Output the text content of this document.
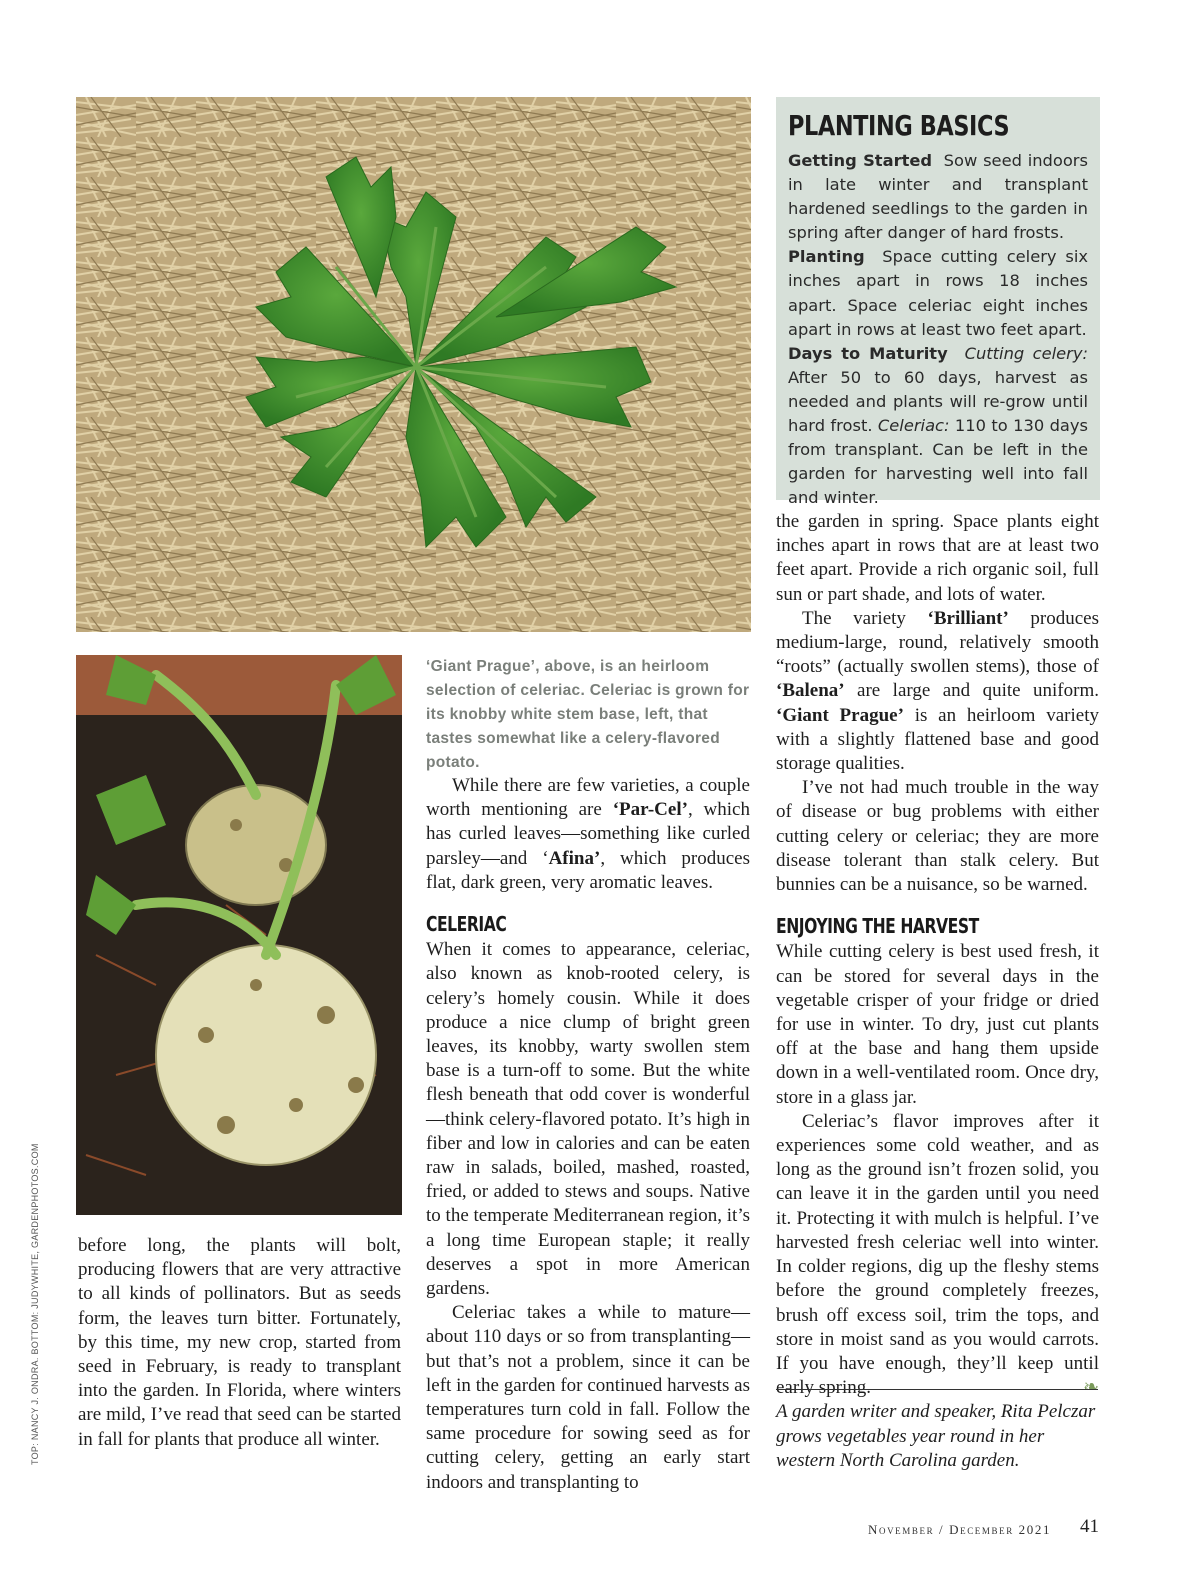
TOP: NANCY J. ONDRA. BOTTOM: JUDYWHITE, GARDENPHOTOS.COM
PLANTING BASICS

Getting Started Sow seed indoors in late winter and transplant hardened seedlings to the garden in spring after danger of hard frosts.

Planting Space cutting celery six inches apart in rows 18 inches apart. Space celeriac eight inches apart in rows at least two feet apart.

Days to Maturity Cutting celery: After 50 to 60 days, harvest as needed and plants will re-grow until hard frost. Celeriac: 110 to 130 days from transplant. Can be left in the garden for harvesting well into fall and winter.

‘Giant Prague’, above, is an heirloom selection of celeriac. Celeriac is grown for its knobby white stem base, left, that tastes somewhat like a celery-flavored potato.

before long, the plants will bolt, producing flowers that are very attractive to all kinds of pollinators. But as seeds form, the leaves turn bitter. Fortunately, by this time, my new crop, started from seed in February, is ready to transplant into the garden. In Florida, where winters are mild, I’ve read that seed can be started in fall for plants that produce all winter.

While there are few varieties, a couple worth mentioning are ‘Par-Cel’, which has curled leaves—something like curled parsley—and ‘Afina’, which produces flat, dark green, very aromatic leaves.

CELERIAC

When it comes to appearance, celeriac, also known as knob-rooted celery, is celery’s homely cousin. While it does produce a nice clump of bright green leaves, its knobby, warty swollen stem base is a turn-off to some. But the white flesh beneath that odd cover is wonderful—think celery-flavored potato. It’s high in fiber and low in calories and can be eaten raw in salads, boiled, mashed, roasted, fried, or added to stews and soups. Native to the temperate Mediterranean region, it’s a long time European staple; it really deserves a spot in more American gardens.

Celeriac takes a while to mature—about 110 days or so from transplanting—but that’s not a problem, since it can be left in the garden for continued harvests as temperatures turn cold in fall. Follow the same procedure for sowing seed as for cutting celery, getting an early start indoors and transplanting to

the garden in spring. Space plants eight inches apart in rows that are at least two feet apart. Provide a rich organic soil, full sun or part shade, and lots of water.

The variety ‘Brilliant’ produces medium-large, round, relatively smooth “roots” (actually swollen stems), those of ‘Balena’ are large and quite uniform. ‘Giant Prague’ is an heirloom variety with a slightly flattened base and good storage qualities.

I’ve not had much trouble in the way of disease or bug problems with either cutting celery or celeriac; they are more disease tolerant than stalk celery. But bunnies can be a nuisance, so be warned.

ENJOYING THE HARVEST

While cutting celery is best used fresh, it can be stored for several days in the vegetable crisper of your fridge or dried for use in winter. To dry, just cut plants off at the base and hang them upside down in a well-ventilated room. Once dry, store in a glass jar.

Celeriac’s flavor improves after it experiences some cold weather, and as long as the ground isn’t frozen solid, you can leave it in the garden until you need it. Protecting it with mulch is helpful. I’ve harvested fresh celeriac well into winter. In colder regions, dig up the fleshy stems before the ground completely freezes, brush off excess soil, trim the tops, and store in moist sand as you would carrots. If you have enough, they’ll keep until early spring.	❧

A garden writer and speaker, Rita Pelczar grows vegetables year round in her western North Carolina garden.
November / December 2021 41
